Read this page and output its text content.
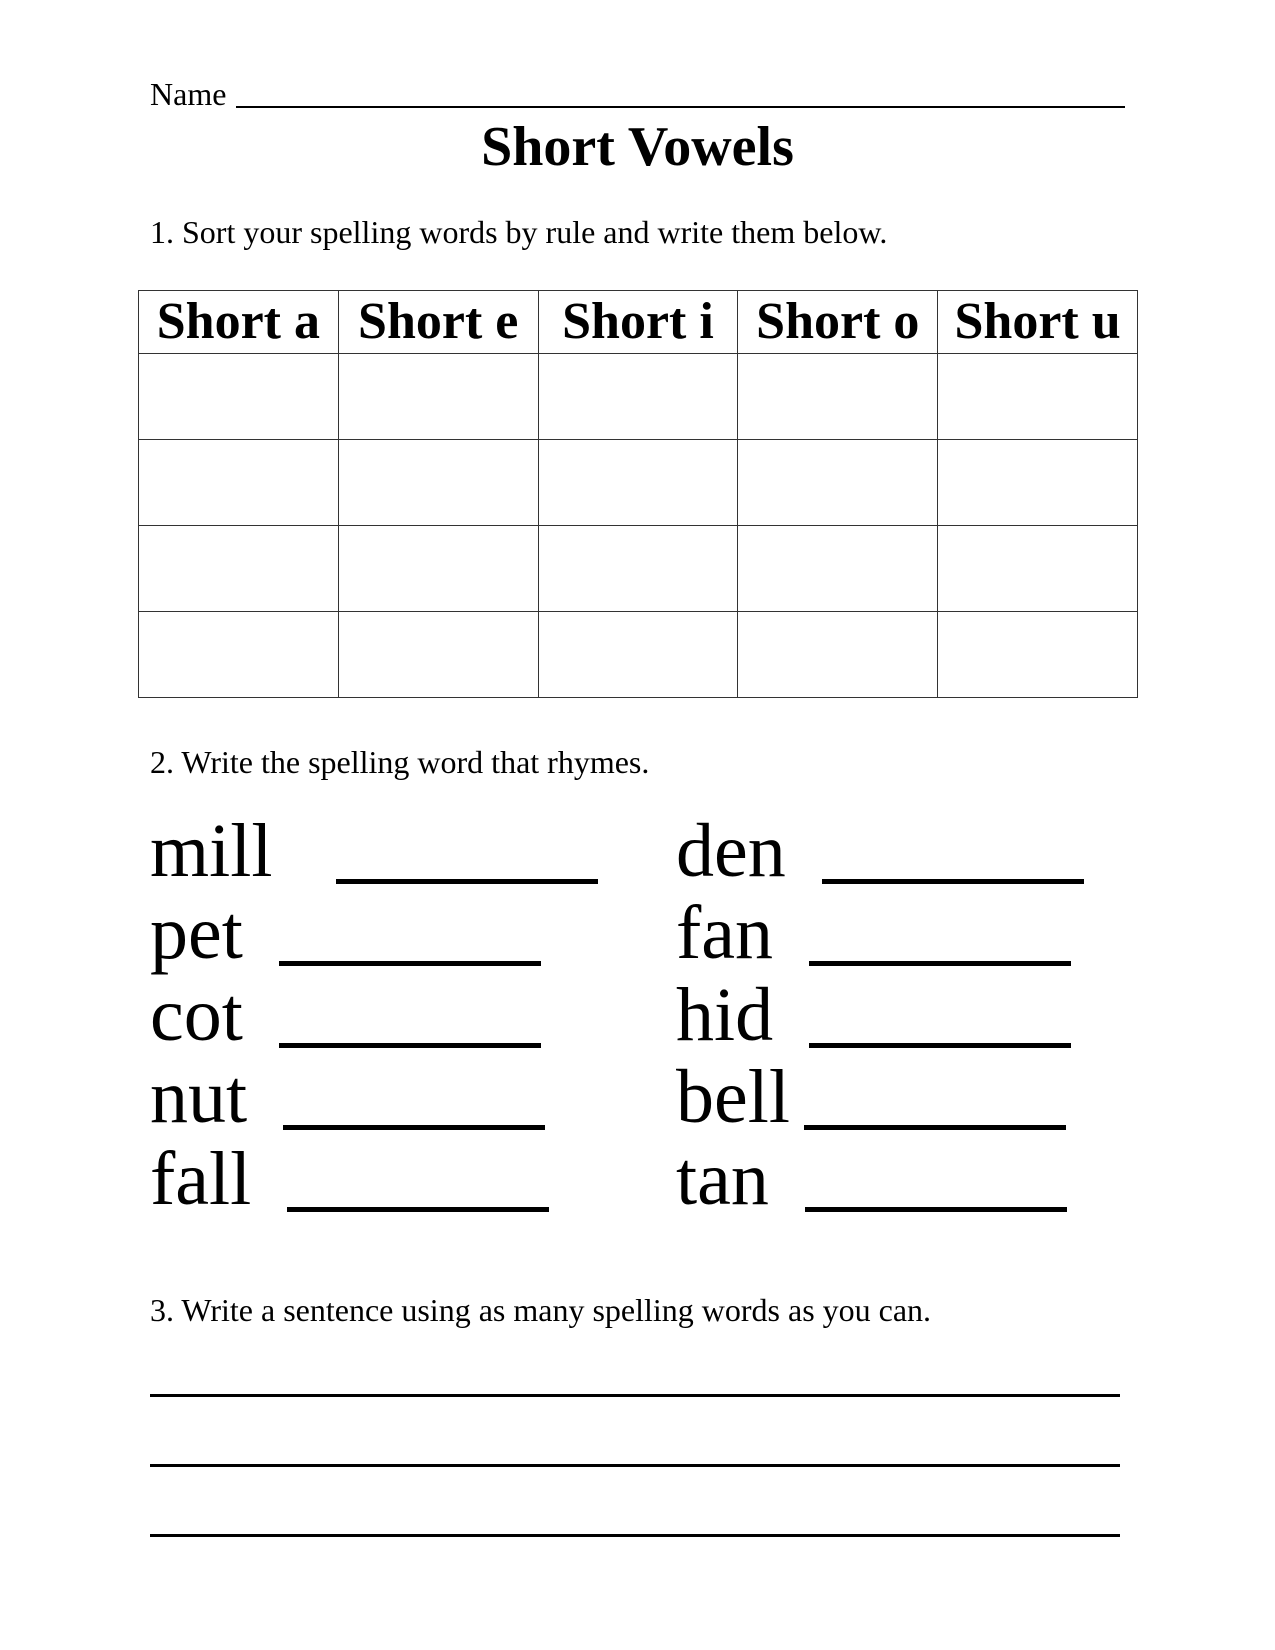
Name
Short Vowels
1. Sort your spelling words by rule and write them below.
Short a	Short e	Short i	Short o	Short u

2. Write the spelling word that rhymes.
mill
pet
cot
nut
fall
den
fan
hid
bell
tan
3. Write a sentence using as many spelling words as you can.
